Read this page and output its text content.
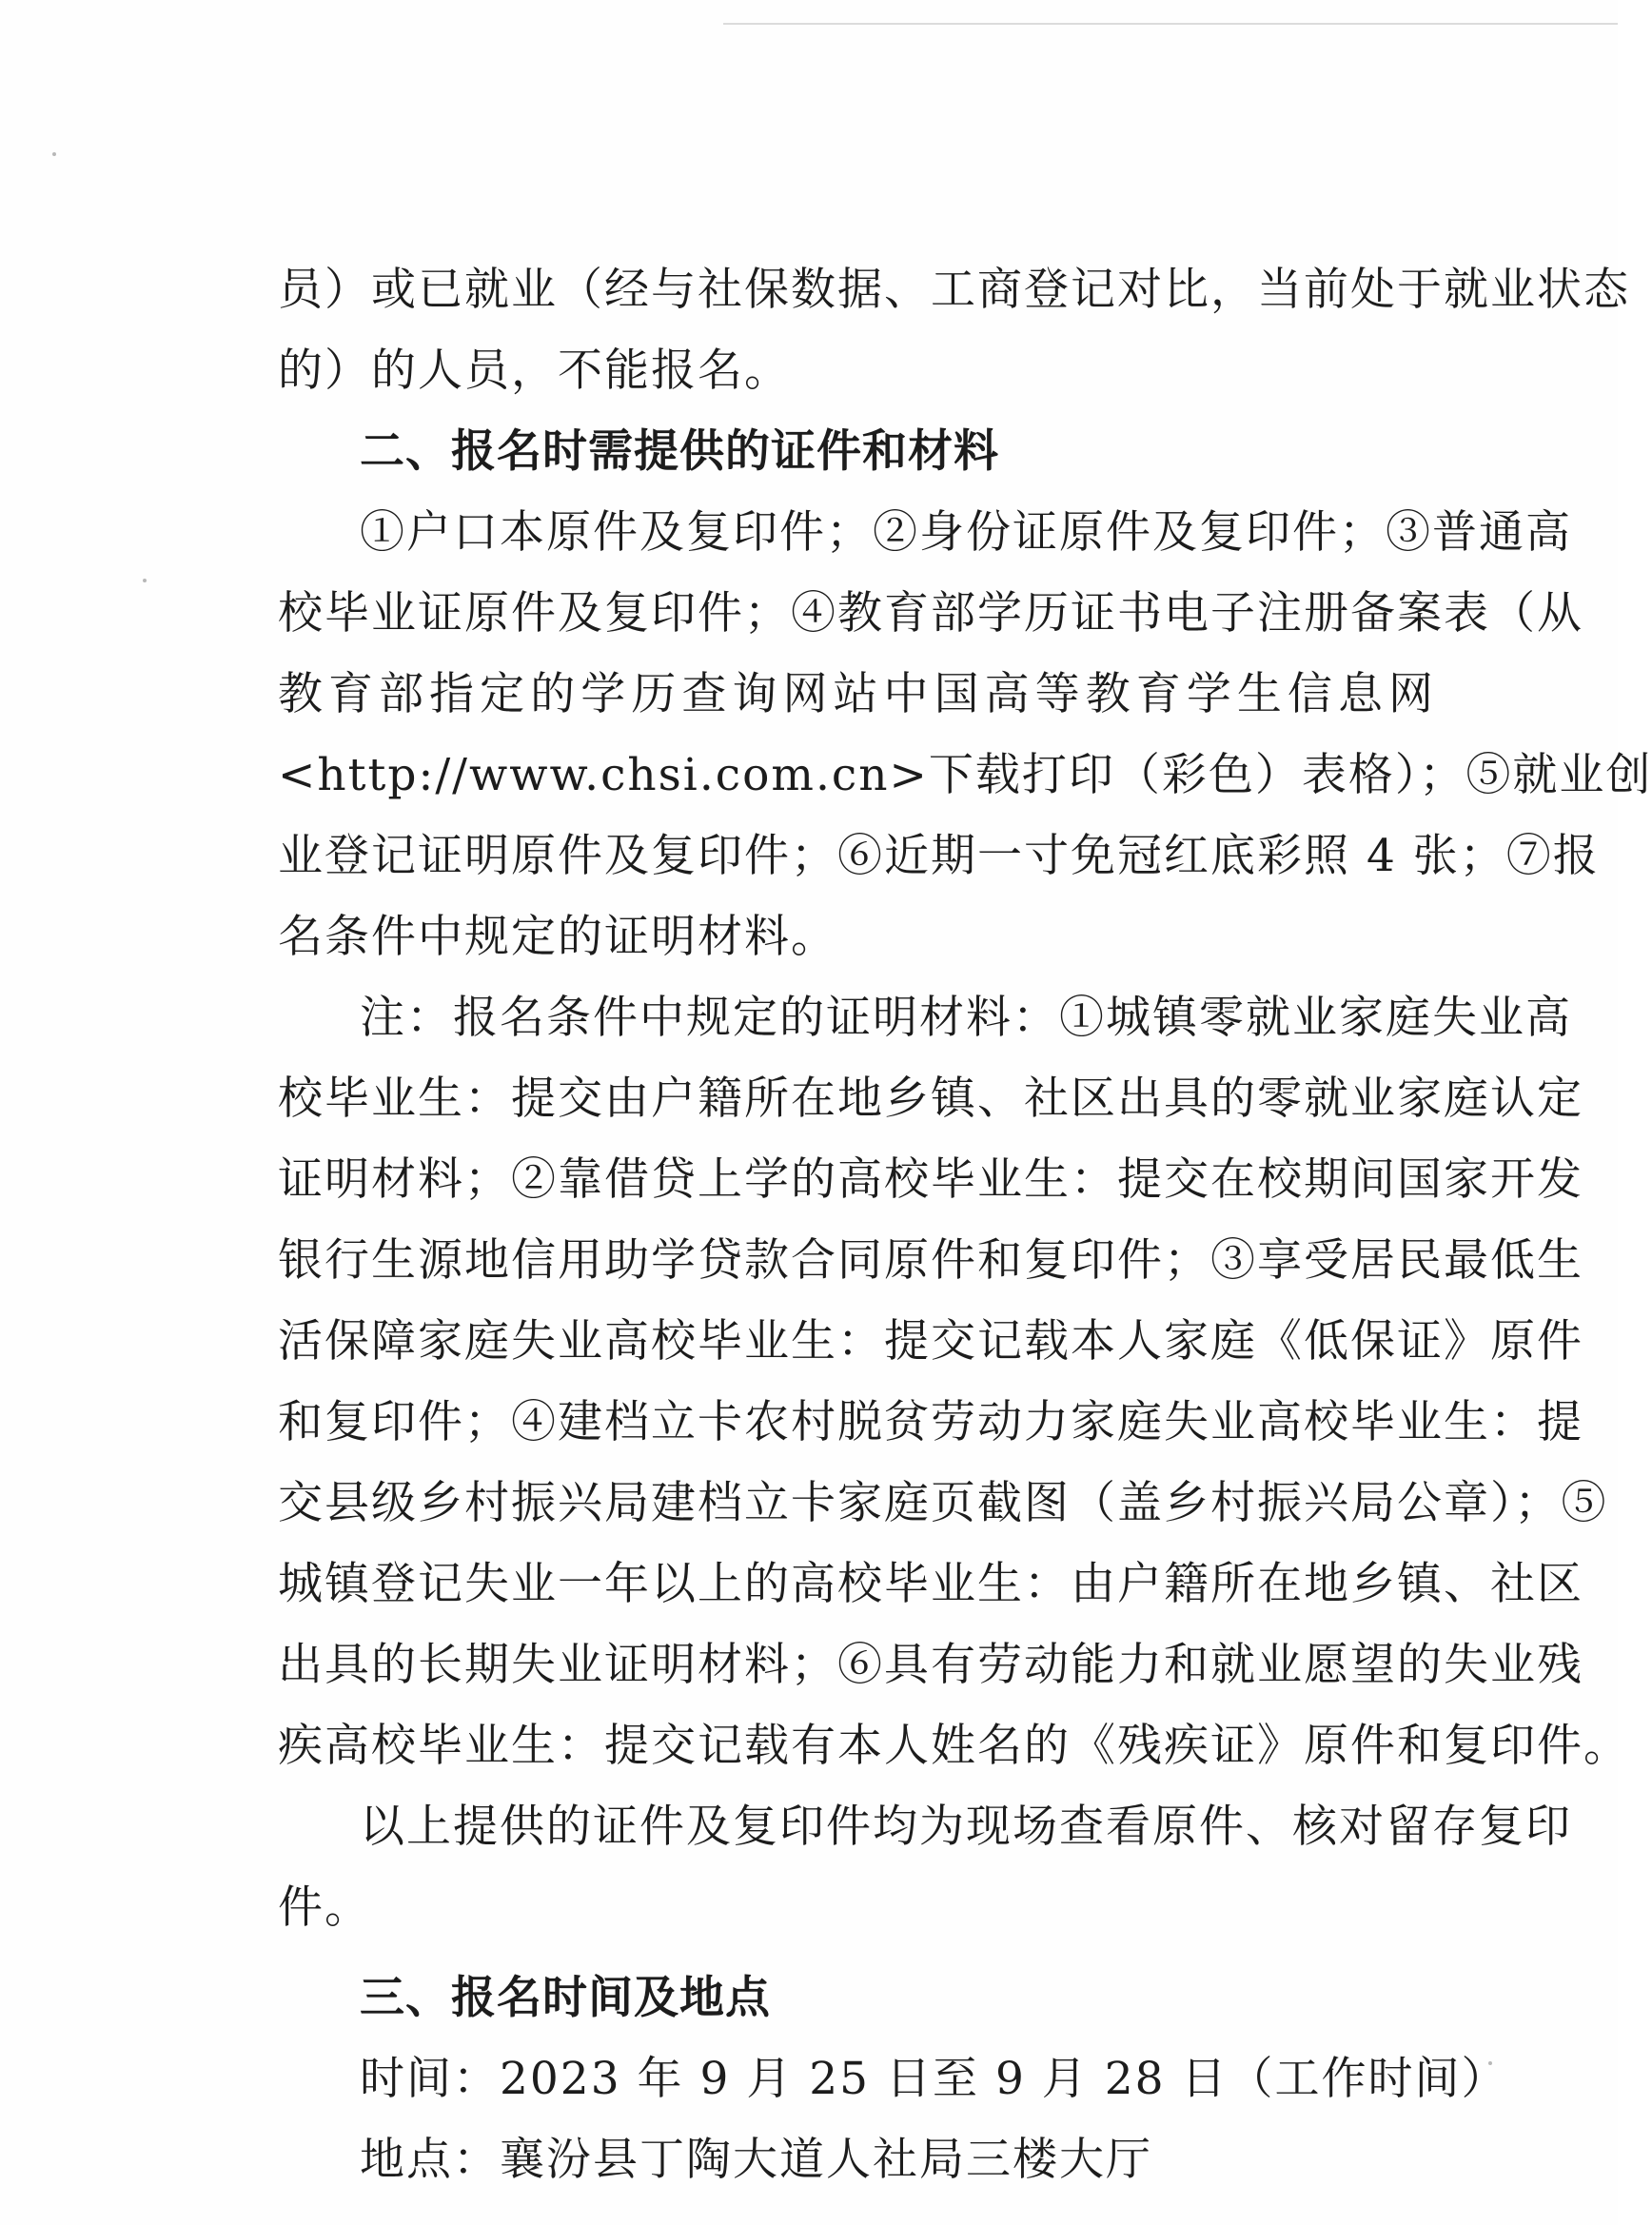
员）或已就业（经与社保数据、工商登记对比，当前处于就业状态
的）的人员，不能报名。
二、报名时需提供的证件和材料
①户口本原件及复印件；②身份证原件及复印件；③普通高
校毕业证原件及复印件；④教育部学历证书电子注册备案表（从
教育部指定的学历查询网站中国高等教育学生信息网
<http://www.chsi.com.cn>下载打印（彩色）表格）；⑤就业创
业登记证明原件及复印件；⑥近期一寸免冠红底彩照 4 张；⑦报
名条件中规定的证明材料。
注：报名条件中规定的证明材料：①城镇零就业家庭失业高
校毕业生：提交由户籍所在地乡镇、社区出具的零就业家庭认定
证明材料；②靠借贷上学的高校毕业生：提交在校期间国家开发
银行生源地信用助学贷款合同原件和复印件；③享受居民最低生
活保障家庭失业高校毕业生：提交记载本人家庭《低保证》原件
和复印件；④建档立卡农村脱贫劳动力家庭失业高校毕业生：提
交县级乡村振兴局建档立卡家庭页截图（盖乡村振兴局公章）；⑤
城镇登记失业一年以上的高校毕业生：由户籍所在地乡镇、社区
出具的长期失业证明材料；⑥具有劳动能力和就业愿望的失业残
疾高校毕业生：提交记载有本人姓名的《残疾证》原件和复印件。
以上提供的证件及复印件均为现场查看原件、核对留存复印
件。
三、报名时间及地点
时间：2023 年 9 月 25 日至 9 月 28 日（工作时间）
地点：襄汾县丁陶大道人社局三楼大厅
